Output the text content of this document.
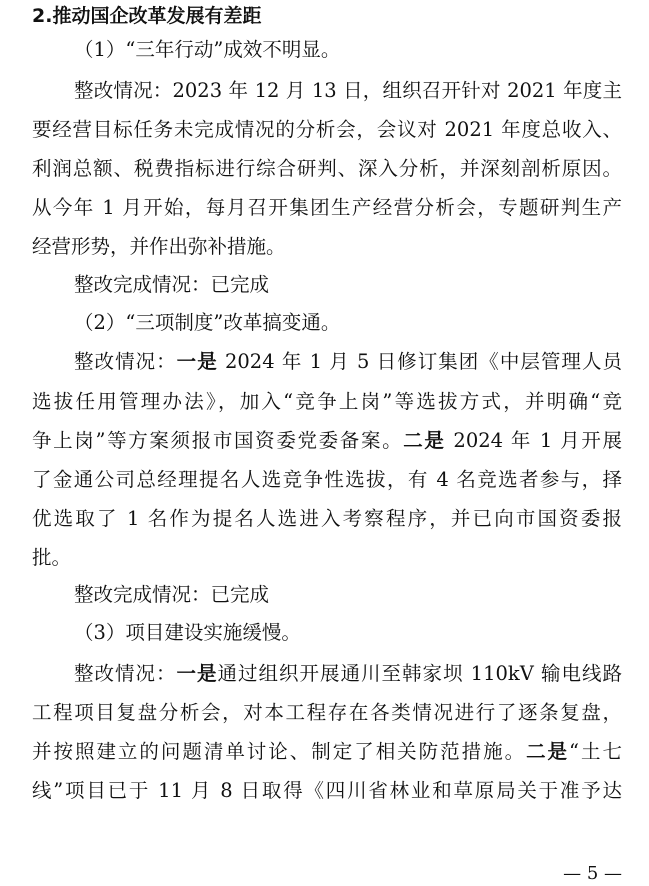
2.推动国企改革发展有差距
（1）“三年行动”成效不明显。
整改情况：2023 年 12 月 13 日，组织召开针对 2021 年度主
要经营目标任务未完成情况的分析会，会议对 2021 年度总收入、
利润总额、税费指标进行综合研判、深入分析，并深刻剖析原因。
从今年 1 月开始，每月召开集团生产经营分析会，专题研判生产
经营形势，并作出弥补措施。
整改完成情况：已完成
（2）“三项制度”改革搞变通。
整改情况：一是 2024 年 1 月 5 日修订集团《中层管理人员
选拔任用管理办法》，加入“竞争上岗”等选拔方式，并明确“竞
争上岗”等方案须报市国资委党委备案。二是 2024 年 1 月开展
了金通公司总经理提名人选竞争性选拔，有 4 名竞选者参与，择
优选取了 1 名作为提名人选进入考察程序，并已向市国资委报
批。
整改完成情况：已完成
（3）项目建设实施缓慢。
整改情况：一是通过组织开展通川至韩家坝 110kV 输电线路
工程项目复盘分析会，对本工程存在各类情况进行了逐条复盘，
并按照建立的问题清单讨论、制定了相关防范措施。二是“土七
线”项目已于 11 月 8 日取得《四川省林业和草原局关于准予达
— 5 —
